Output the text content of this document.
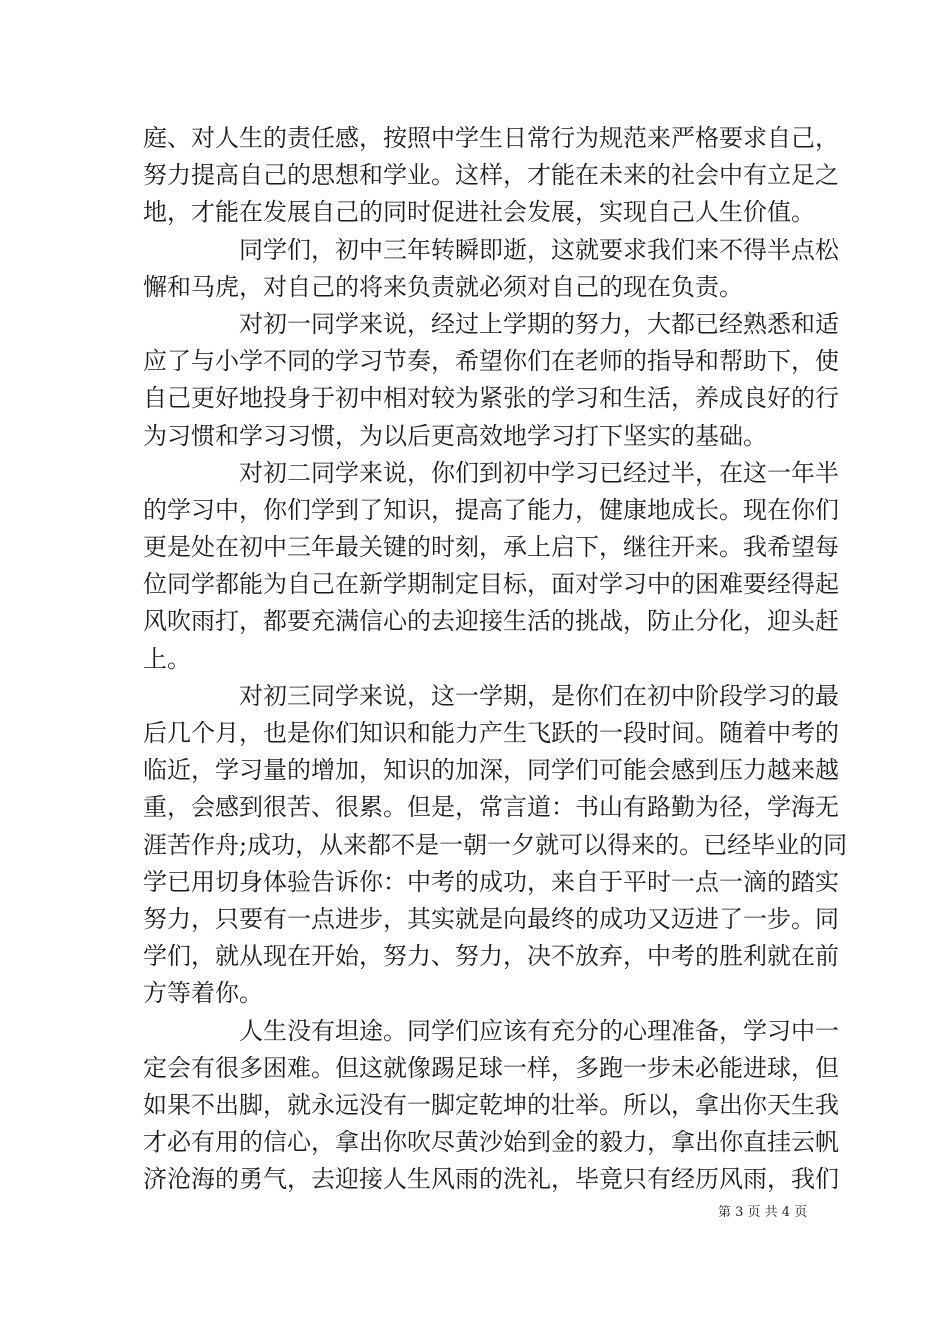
庭、对人生的责任感，按照中学生日常行为规范来严格要求自己，
努力提高自己的思想和学业。这样，才能在未来的社会中有立足之
地，才能在发展自己的同时促进社会发展，实现自己人生价值。
同学们，初中三年转瞬即逝，这就要求我们来不得半点松
懈和马虎，对自己的将来负责就必须对自己的现在负责。
对初一同学来说，经过上学期的努力，大都已经熟悉和适
应了与小学不同的学习节奏，希望你们在老师的指导和帮助下，使
自己更好地投身于初中相对较为紧张的学习和生活，养成良好的行
为习惯和学习习惯，为以后更高效地学习打下坚实的基础。
对初二同学来说，你们到初中学习已经过半，在这一年半
的学习中，你们学到了知识，提高了能力，健康地成长。现在你们
更是处在初中三年最关键的时刻，承上启下，继往开来。我希望每
位同学都能为自己在新学期制定目标，面对学习中的困难要经得起
风吹雨打，都要充满信心的去迎接生活的挑战，防止分化，迎头赶
上。
对初三同学来说，这一学期，是你们在初中阶段学习的最
后几个月，也是你们知识和能力产生飞跃的一段时间。随着中考的
临近，学习量的增加，知识的加深，同学们可能会感到压力越来越
重，会感到很苦、很累。但是，常言道：书山有路勤为径，学海无
涯苦作舟;成功，从来都不是一朝一夕就可以得来的。已经毕业的同
学已用切身体验告诉你：中考的成功，来自于平时一点一滴的踏实
努力，只要有一点进步，其实就是向最终的成功又迈进了一步。同
学们，就从现在开始，努力、努力，决不放弃，中考的胜利就在前
方等着你。
人生没有坦途。同学们应该有充分的心理准备，学习中一
定会有很多困难。但这就像踢足球一样，多跑一步未必能进球，但
如果不出脚，就永远没有一脚定乾坤的壮举。所以，拿出你天生我
才必有用的信心，拿出你吹尽黄沙始到金的毅力，拿出你直挂云帆
济沧海的勇气，去迎接人生风雨的洗礼，毕竟只有经历风雨，我们
第 3 页 共 4 页
